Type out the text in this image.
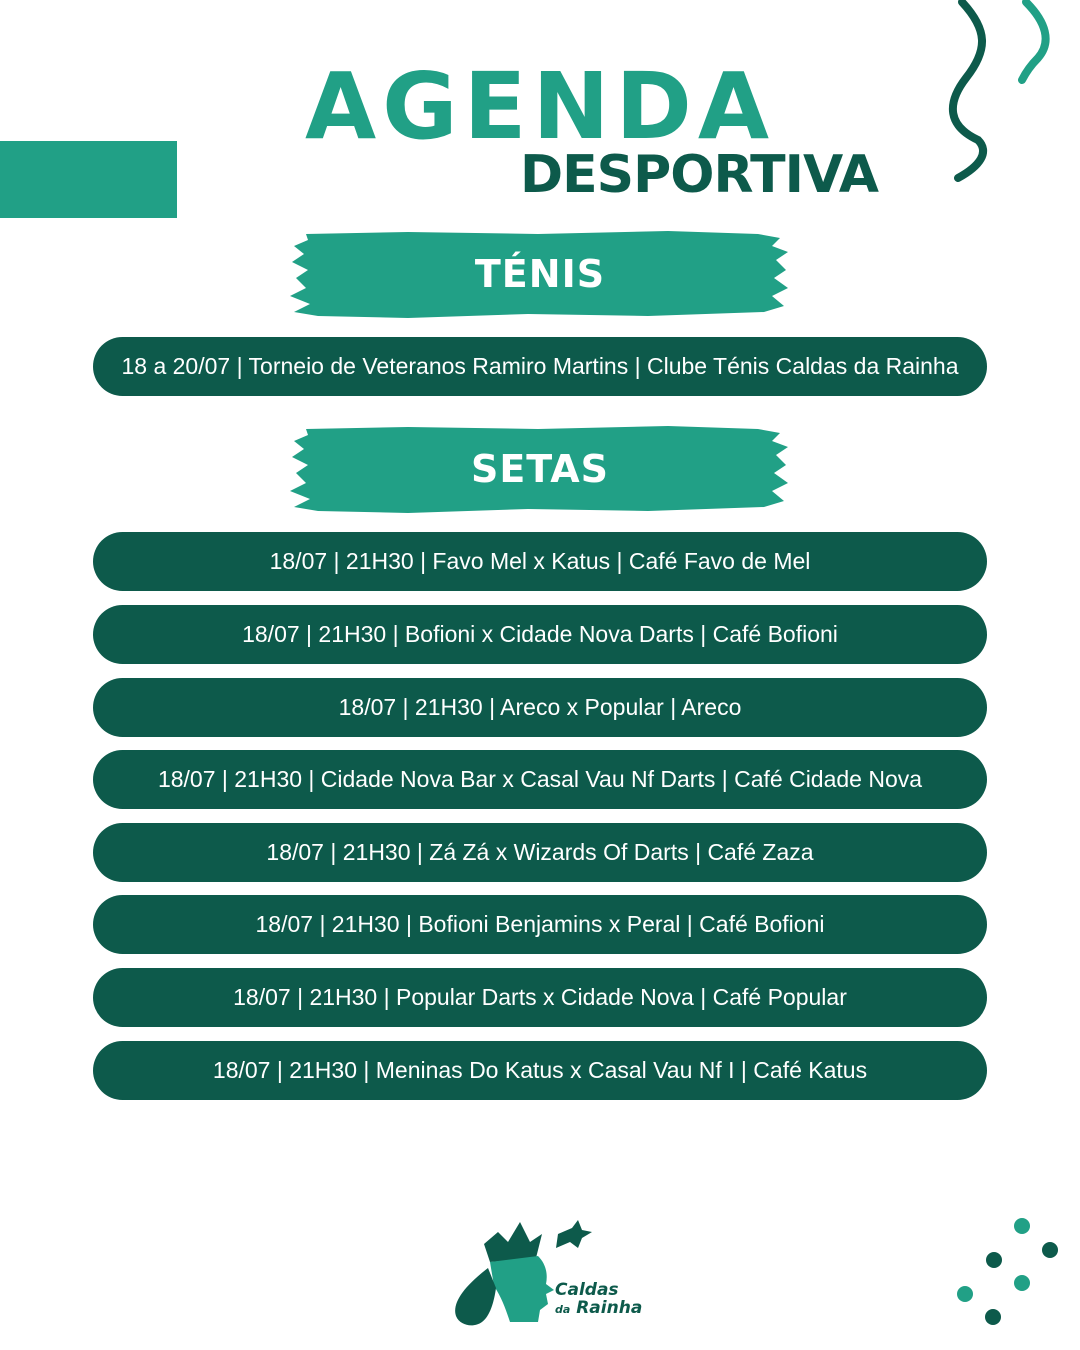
AGENDA
DESPORTIVA
TÉNIS
18 a 20/07 | Torneio de Veteranos Ramiro Martins | Clube Ténis Caldas da Rainha
SETAS
18/07 | 21H30 | Favo Mel x Katus | Café Favo de Mel
18/07 | 21H30 | Bofioni x Cidade Nova Darts | Café Bofioni
18/07 | 21H30 | Areco x Popular | Areco
18/07 | 21H30 | Cidade Nova Bar x Casal Vau Nf Darts | Café Cidade Nova
18/07 | 21H30 | Zá Zá x Wizards Of Darts | Café Zaza
18/07 | 21H30 | Bofioni Benjamins x Peral | Café Bofioni
18/07 | 21H30 | Popular Darts x Cidade Nova | Café Popular
18/07 | 21H30 | Meninas Do Katus x Casal Vau Nf I | Café Katus
Caldas
da Rainha
